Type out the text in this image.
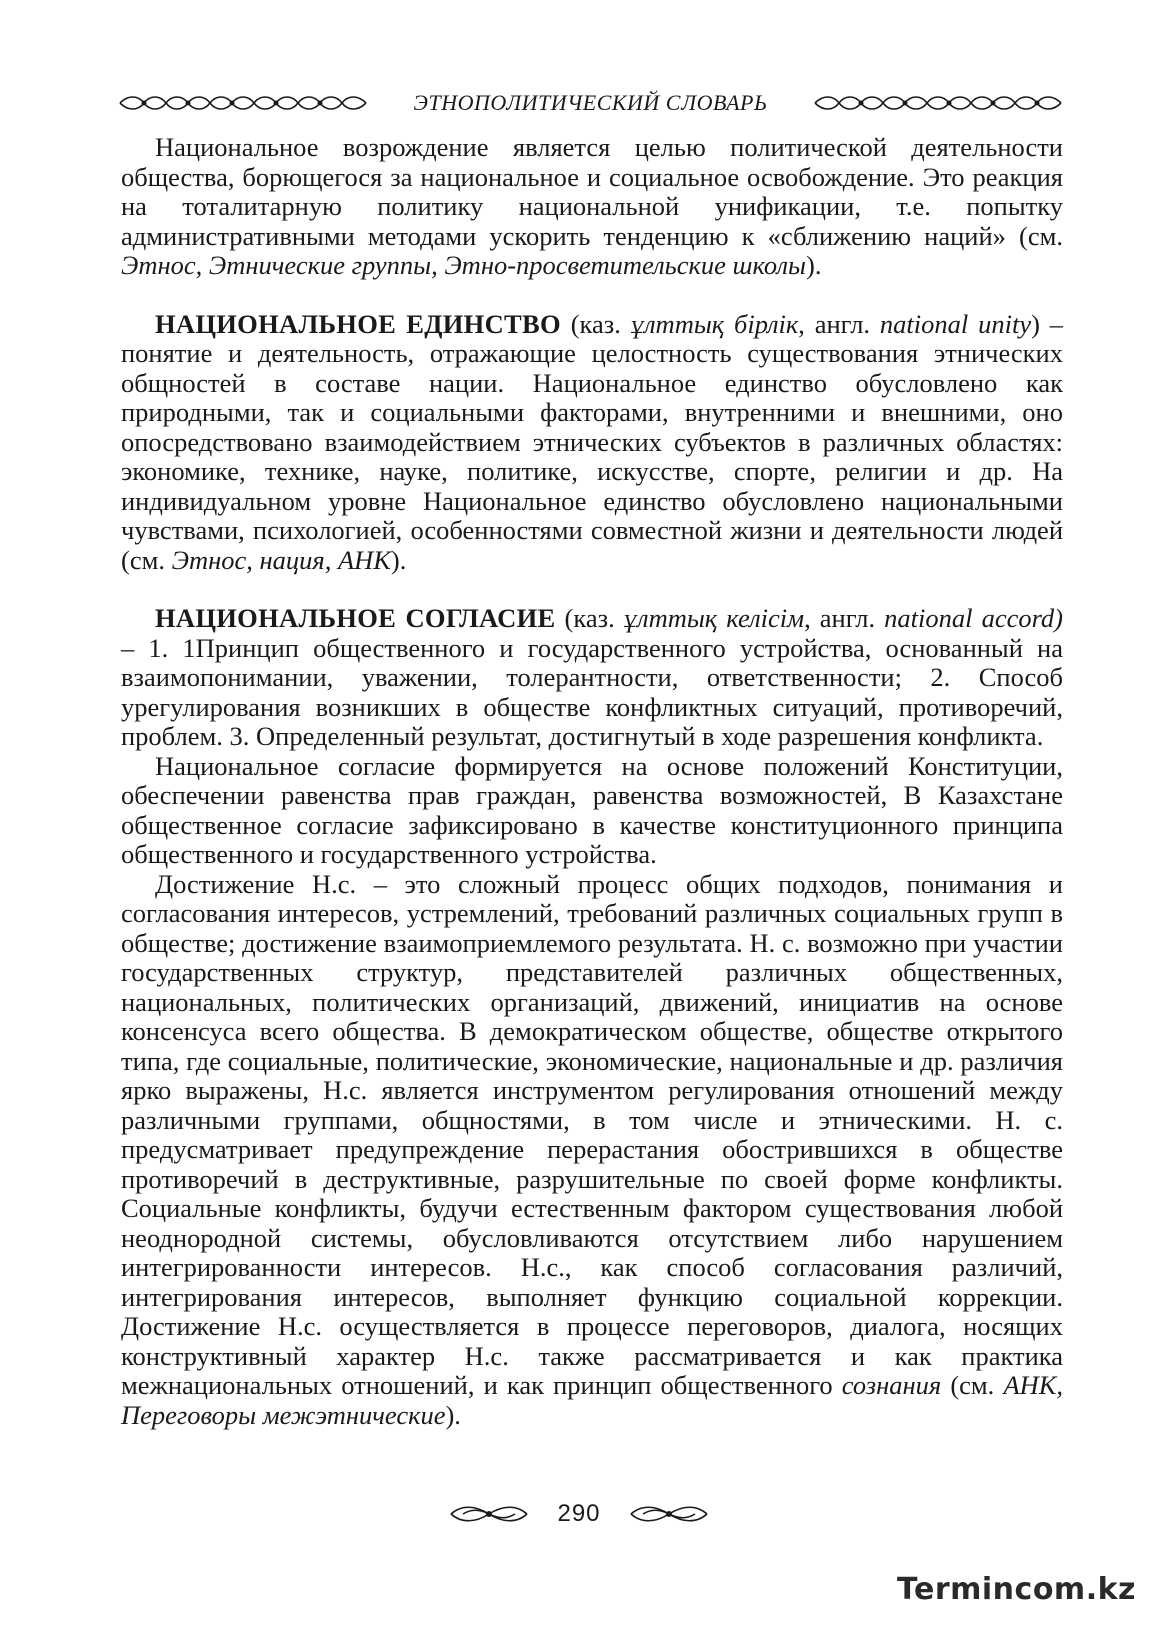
ЭТНОПОЛИТИЧЕСКИЙ СЛОВАРЬ

Национальное возрождение является целью политической деятельности общества, борющегося за национальное и социальное освобождение. Это реакция на тоталитарную политику национальной унификации, т.е. попытку административными методами ускорить тенденцию к «сближению наций» (см. Этнос, Этнические группы, Этно-просветительские школы).

НАЦИОНАЛЬНОЕ ЕДИНСТВО (каз. ұлттық бірлік, англ. national unity) – понятие и деятельность, отражающие целостность существования этнических общностей в составе нации. Национальное единство обусловлено как природными, так и социальными факторами, внутренними и внешними, оно опосредствовано взаимодействием этнических субъектов в различных областях: экономике, технике, науке, политике, искусстве, спорте, религии и др. На индивидуальном уровне Национальное единство обусловлено национальными чувствами, психологией, особенностями совместной жизни и деятельности людей (см. Этнос, нация, АНК).

НАЦИОНАЛЬНОЕ СОГЛАСИЕ (каз. ұлттық келісім, англ. national accord) – 1. 1Принцип общественного и государственного устройства, основанный на взаимопонимании, уважении, толерантности, ответственности; 2. Способ урегулирования возникших в обществе конфликтных ситуаций, противоречий, проблем. 3. Определенный результат, достигнутый в ходе разрешения конфликта.

Национальное согласие формируется на основе положений Конституции, обеспечении равенства прав граждан, равенства возможностей, В Казахстане общественное согласие зафиксировано в качестве конституционного принципа общественного и государственного устройства.

Достижение Н.с. – это сложный процесс общих подходов, понимания и согласования интересов, устремлений, требований различных социальных групп в обществе; достижение взаимоприемлемого результата. Н. с. возможно при участии государственных структур, представителей различных общественных, национальных, политических организаций, движений, инициатив на основе консенсуса всего общества. В демократическом обществе, обществе открытого типа, где социальные, политические, экономические, национальные и др. различия ярко выражены, Н.с. является инструментом регулирования отношений между различными группами, общностями, в том числе и этническими. Н. с. предусматривает предупреждение перерастания обострившихся в обществе противоречий в деструктивные, разрушительные по своей форме конфликты. Социальные конфликты, будучи естественным фактором существования любой неоднородной системы, обусловливаются отсутствием либо нарушением интегрированности интересов. Н.с., как способ согласования различий, интегрирования интересов, выполняет функцию социальной коррекции. Достижение Н.с. осуществляется в процессе переговоров, диалога, носящих конструктивный характер Н.с. также рассматривается и как практика межнациональных отношений, и как принцип общественного сознания (см. АНК, Переговоры межэтнические).

290
Termincom.kz
